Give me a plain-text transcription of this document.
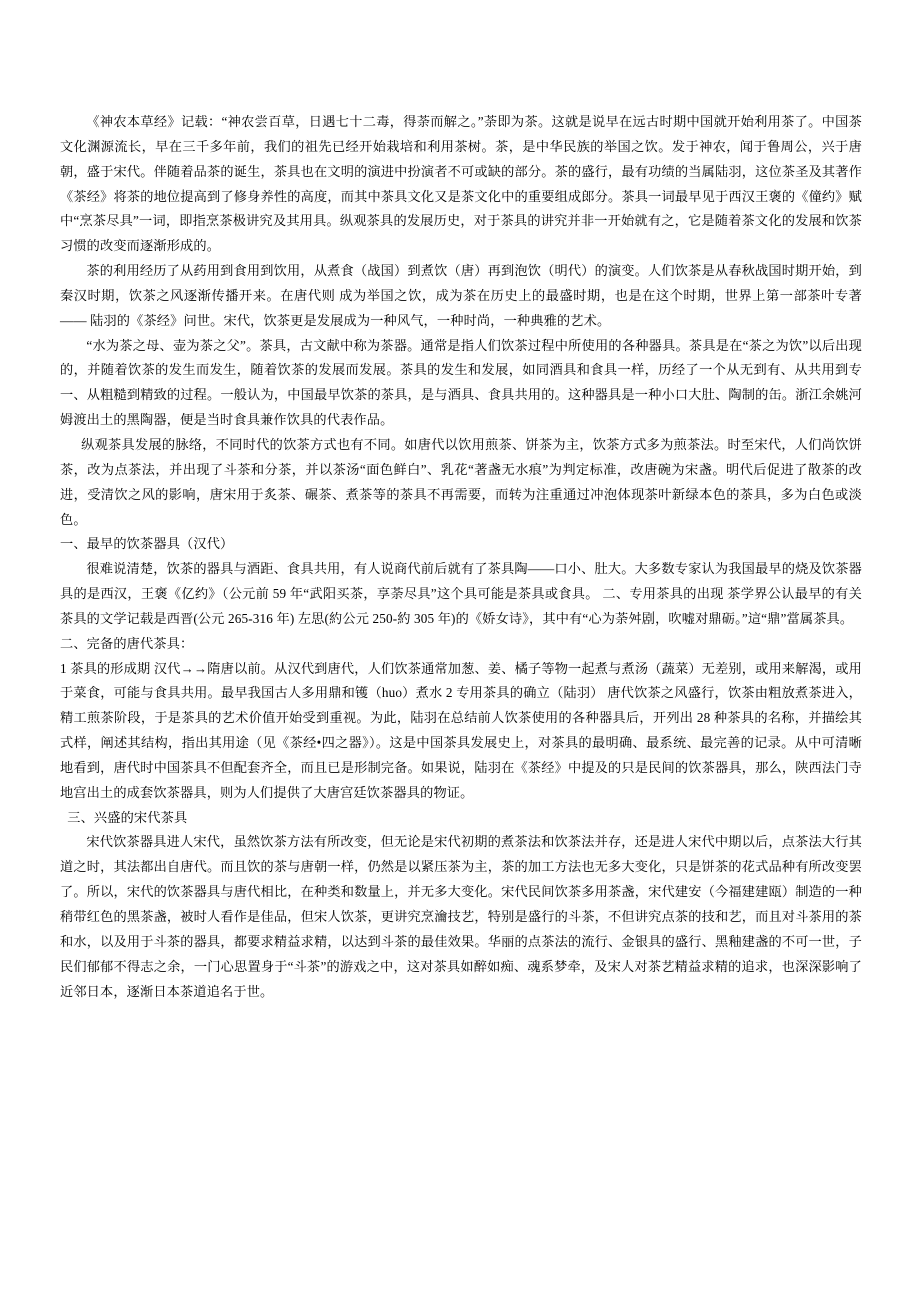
《神农本草经》记载：“神农尝百草，日遇七十二毒，得荼而解之。”荼即为茶。这就是说早在远古时期中国就开始利用茶了。中国茶文化渊源流长，早在三千多年前，我们的祖先已经开始栽培和利用茶树。茶，是中华民族的举国之饮。发于神农，闻于鲁周公，兴于唐朝，盛于宋代。伴随着品茶的诞生，茶具也在文明的演进中扮演者不可或缺的部分。茶的盛行，最有功绩的当属陆羽，这位茶圣及其著作《茶经》将茶的地位提高到了修身养性的高度，而其中茶具文化又是茶文化中的重要组成郎分。茶具一词最早见于西汉王褒的《僮约》赋中“烹茶尽具”一词，即指烹茶极讲究及其用具。纵观茶具的发展历史，对于茶具的讲究并非一开始就有之，它是随着茶文化的发展和饮茶习惯的改变而逐渐形成的。

茶的利用经历了从药用到食用到饮用，从煮食（战国）到煮饮（唐）再到泡饮（明代）的演变。人们饮茶是从春秋战国时期开始，到秦汉时期，饮茶之风逐渐传播开来。在唐代则 成为举国之饮，成为茶在历史上的最盛时期，也是在这个时期，世界上第一部茶叶专著—— 陆羽的《茶经》问世。宋代，饮茶更是发展成为一种风气，一种时尚，一种典雅的艺术。

“水为茶之母、壶为茶之父”。茶具，古文献中称为茶器。通常是指人们饮茶过程中所使用的各种器具。茶具是在“茶之为饮”以后出现的，并随着饮茶的发生而发生，随着饮茶的发展而发展。茶具的发生和发展，如同酒具和食具一样，历经了一个从无到有、从共用到专一、从粗糙到精致的过程。一般认为，中国最早饮茶的茶具，是与酒具、食具共用的。这种器具是一种小口大肚、陶制的缶。浙江余姚河姆渡出土的黑陶器，便是当时食具兼作饮具的代表作品。

纵观茶具发展的脉络，不同时代的饮茶方式也有不同。如唐代以饮用煎茶、饼茶为主，饮茶方式多为煎茶法。时至宋代，人们尚饮饼茶，改为点茶法，并出现了斗茶和分茶，并以茶汤“面色鲜白”、乳花“著盏无水痕”为判定标准，改唐碗为宋盏。明代后促进了散茶的改进，受清饮之风的影响，唐宋用于炙茶、碾茶、煮茶等的茶具不再需要，而转为注重通过冲泡体现茶叶新绿本色的茶具，多为白色或淡色。

一、最早的饮茶器具（汉代）

很难说清楚，饮茶的器具与酒距、食具共用，有人说商代前后就有了茶具陶——口小、肚大。大多数专家认为我国最早的烧及饮茶器具的是西汉，王褒《亿约》（公元前 59 年“武阳买茶，享荼尽具”这个具可能是茶具或食具。 二、专用茶具的出现 茶学界公认最早的有关茶具的文学记载是西晋(公元 265-316 年) 左思(約公元 250-約 305 年)的《娇女诗》，其中有“心为荼舛剧，吹嘘对鼎砺。”這“鼎”當属茶具。

二、完备的唐代茶具：

1 茶具的形成期 汉代→→隋唐以前。从汉代到唐代，人们饮茶通常加葱、姜、橘子等物一起煮与煮汤（蔬菜）无差别，或用来解渴，或用于菜食，可能与食具共用。最早我国古人多用鼎和镬（huo）煮水 2 专用茶具的确立（陆羽） 唐代饮茶之风盛行，饮茶由粗放煮茶进入，精工煎茶阶段，于是茶具的艺术价值开始受到重视。为此，陆羽在总结前人饮茶使用的各种器具后，开列出 28 种茶具的名称，并描绘其式样，阐述其结构，指出其用途（见《茶经•四之器》）。这是中国茶具发展史上，对茶具的最明确、最系统、最完善的记录。从中可清晰地看到，唐代时中国茶具不但配套齐全，而且已是形制完备。如果说，陆羽在《茶经》中提及的只是民间的饮茶器具，那么，陕西法门寺地宫出土的成套饮茶器具，则为人们提供了大唐宫廷饮茶器具的物证。

三、兴盛的宋代茶具

宋代饮茶器具进人宋代，虽然饮茶方法有所改变，但无论是宋代初期的煮茶法和饮茶法并存，还是进人宋代中期以后，点茶法大行其道之时，其法都出自唐代。而且饮的茶与唐朝一样，仍然是以紧压茶为主，茶的加工方法也无多大变化，只是饼茶的花式品种有所改变罢了。所以，宋代的饮茶器具与唐代相比，在种类和数量上，并无多大变化。宋代民间饮茶多用茶盏，宋代建安（今福建建瓯）制造的一种稍带红色的黑茶盏，被时人看作是佳品，但宋人饮茶，更讲究烹瀹技艺，特别是盛行的斗茶，不但讲究点茶的技和艺，而且对斗茶用的茶和水，以及用于斗茶的器具，都要求精益求精，以达到斗茶的最佳效果。华丽的点茶法的流行、金银具的盛行、黑釉建盏的不可一世，子民们郁郁不得志之余，一门心思置身于“斗茶”的游戏之中，这对茶具如醉如痴、魂系梦牵，及宋人对茶艺精益求精的追求，也深深影响了近邻日本，逐渐日本茶道追名于世。
